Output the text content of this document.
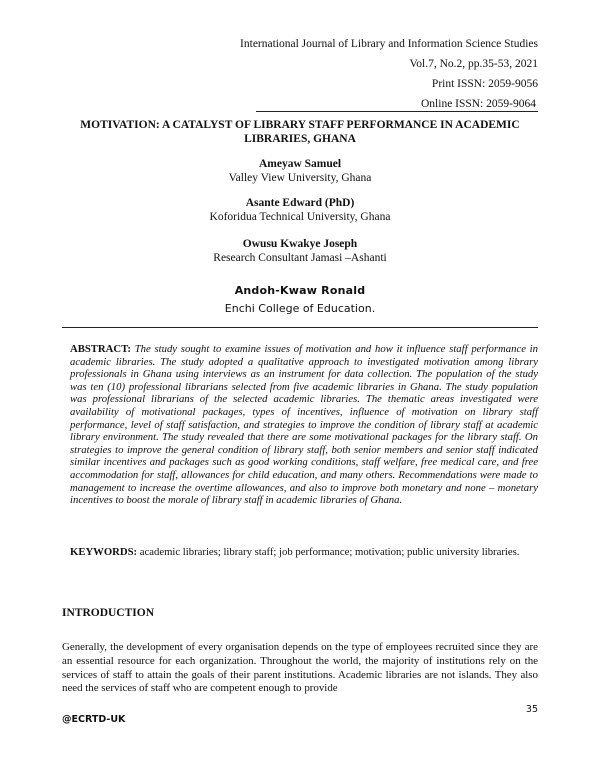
International Journal of Library and Information Science Studies
Vol.7, No.2, pp.35-53, 2021
Print ISSN: 2059-9056
Online ISSN: 2059-9064
MOTIVATION: A CATALYST OF LIBRARY STAFF PERFORMANCE IN ACADEMIC LIBRARIES, GHANA
Ameyaw Samuel
Valley View University, Ghana
Asante Edward (PhD)
Koforidua Technical University, Ghana
Owusu Kwakye Joseph
Research Consultant Jamasi –Ashanti
Andoh-Kwaw Ronald
Enchi College of Education.
ABSTRACT: The study sought to examine issues of motivation and how it influence staff performance in academic libraries. The study adopted a qualitative approach to investigated motivation among library professionals in Ghana using interviews as an instrument for data collection. The population of the study was ten (10) professional librarians selected from five academic libraries in Ghana. The study population was professional librarians of the selected academic libraries. The thematic areas investigated were availability of motivational packages, types of incentives, influence of motivation on library staff performance, level of staff satisfaction, and strategies to improve the condition of library staff at academic library environment. The study revealed that there are some motivational packages for the library staff. On strategies to improve the general condition of library staff, both senior members and senior staff indicated similar incentives and packages such as good working conditions, staff welfare, free medical care, and free accommodation for staff, allowances for child education, and many others. Recommendations were made to management to increase the overtime allowances, and also to improve both monetary and none – monetary incentives to boost the morale of library staff in academic libraries of Ghana.
KEYWORDS: academic libraries; library staff; job performance; motivation; public university libraries.
INTRODUCTION
Generally, the development of every organisation depends on the type of employees recruited since they are an essential resource for each organization. Throughout the world, the majority of institutions rely on the services of staff to attain the goals of their parent institutions. Academic libraries are not islands. They also need the services of staff who are competent enough to provide
35
@ECRTD-UK
